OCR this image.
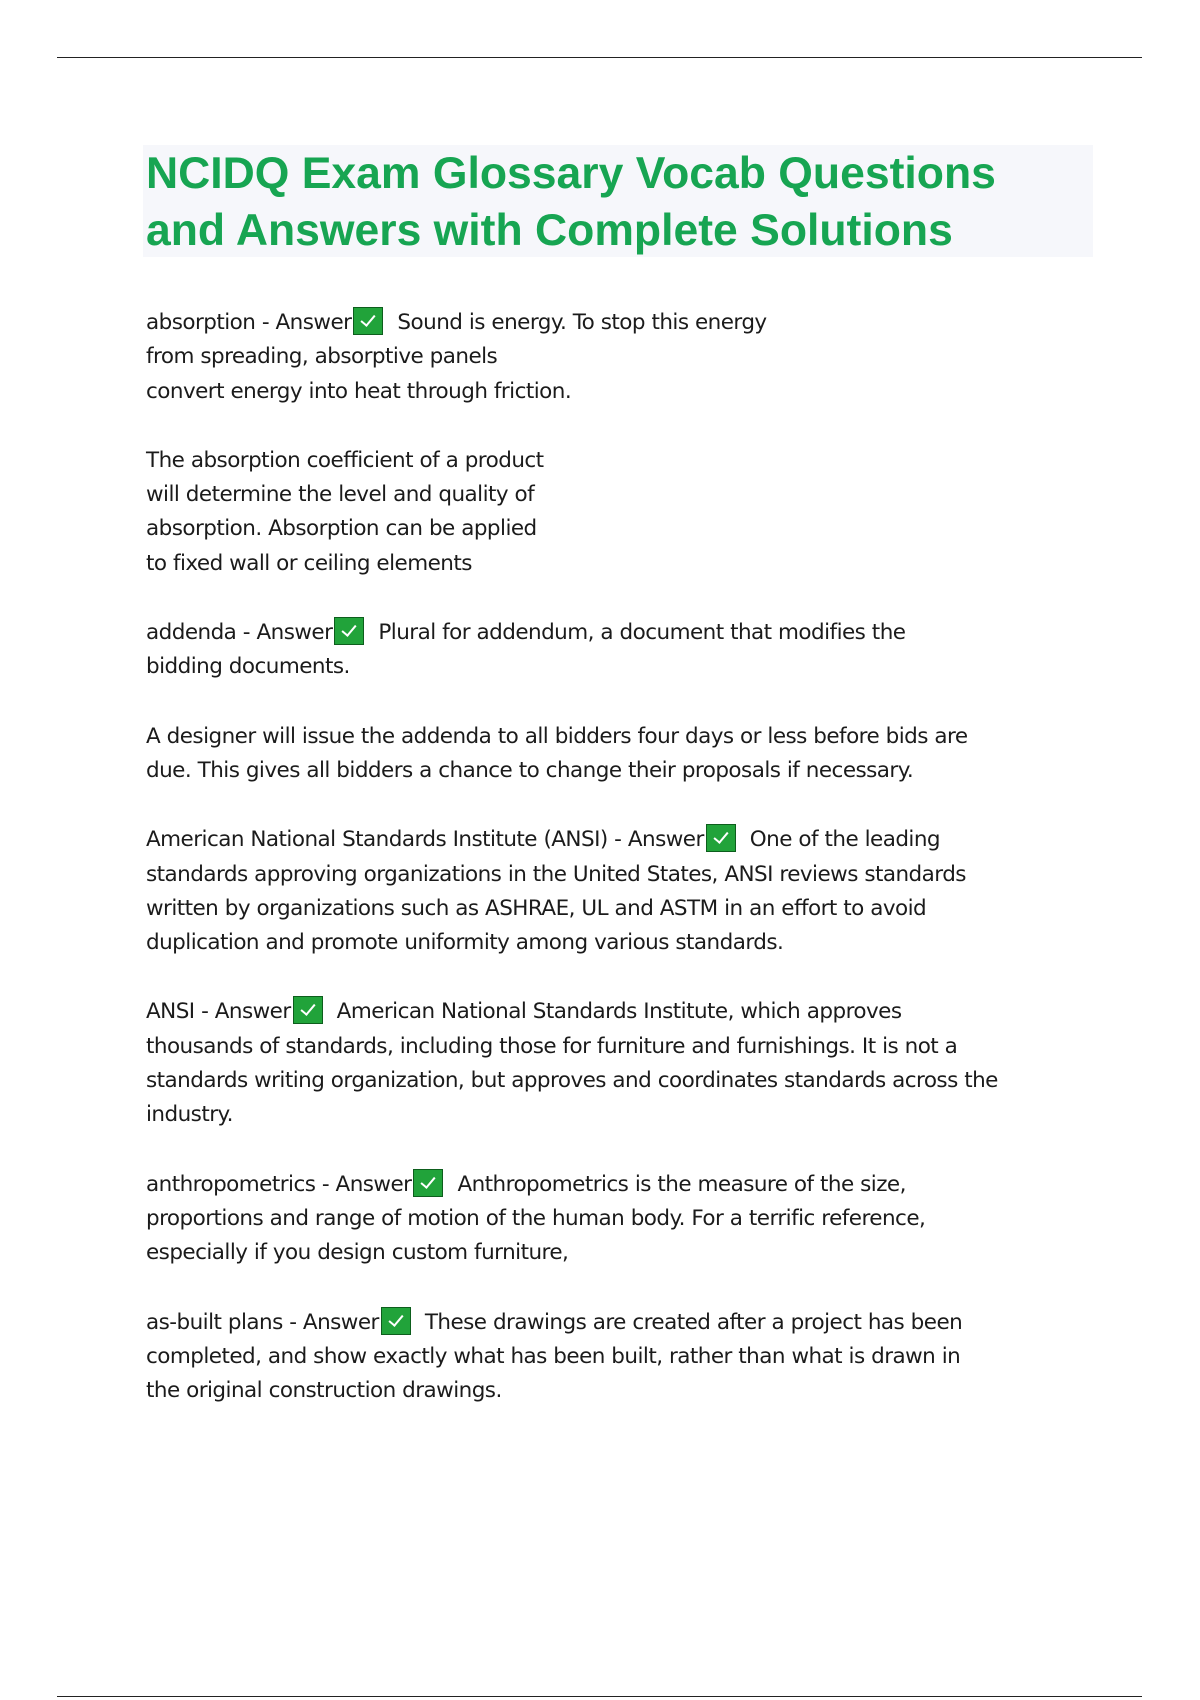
NCIDQ Exam Glossary Vocab Questions
and Answers with Complete Solutions
absorption - Answer Sound is energy. To stop this energy
from spreading, absorptive panels
convert energy into heat through friction.
The absorption coefficient of a product
will determine the level and quality of
absorption. Absorption can be applied
to fixed wall or ceiling elements
addenda - Answer Plural for addendum, a document that modifies the
bidding documents.
A designer will issue the addenda to all bidders four days or less before bids are
due. This gives all bidders a chance to change their proposals if necessary.
American National Standards Institute (ANSI) - Answer One of the leading
standards approving organizations in the United States, ANSI reviews standards
written by organizations such as ASHRAE, UL and ASTM in an effort to avoid
duplication and promote uniformity among various standards.
ANSI - Answer American National Standards Institute, which approves
thousands of standards, including those for furniture and furnishings. It is not a
standards writing organization, but approves and coordinates standards across the
industry.
anthropometrics - Answer Anthropometrics is the measure of the size,
proportions and range of motion of the human body. For a terrific reference,
especially if you design custom furniture,
as-built plans - Answer These drawings are created after a project has been
completed, and show exactly what has been built, rather than what is drawn in
the original construction drawings.
